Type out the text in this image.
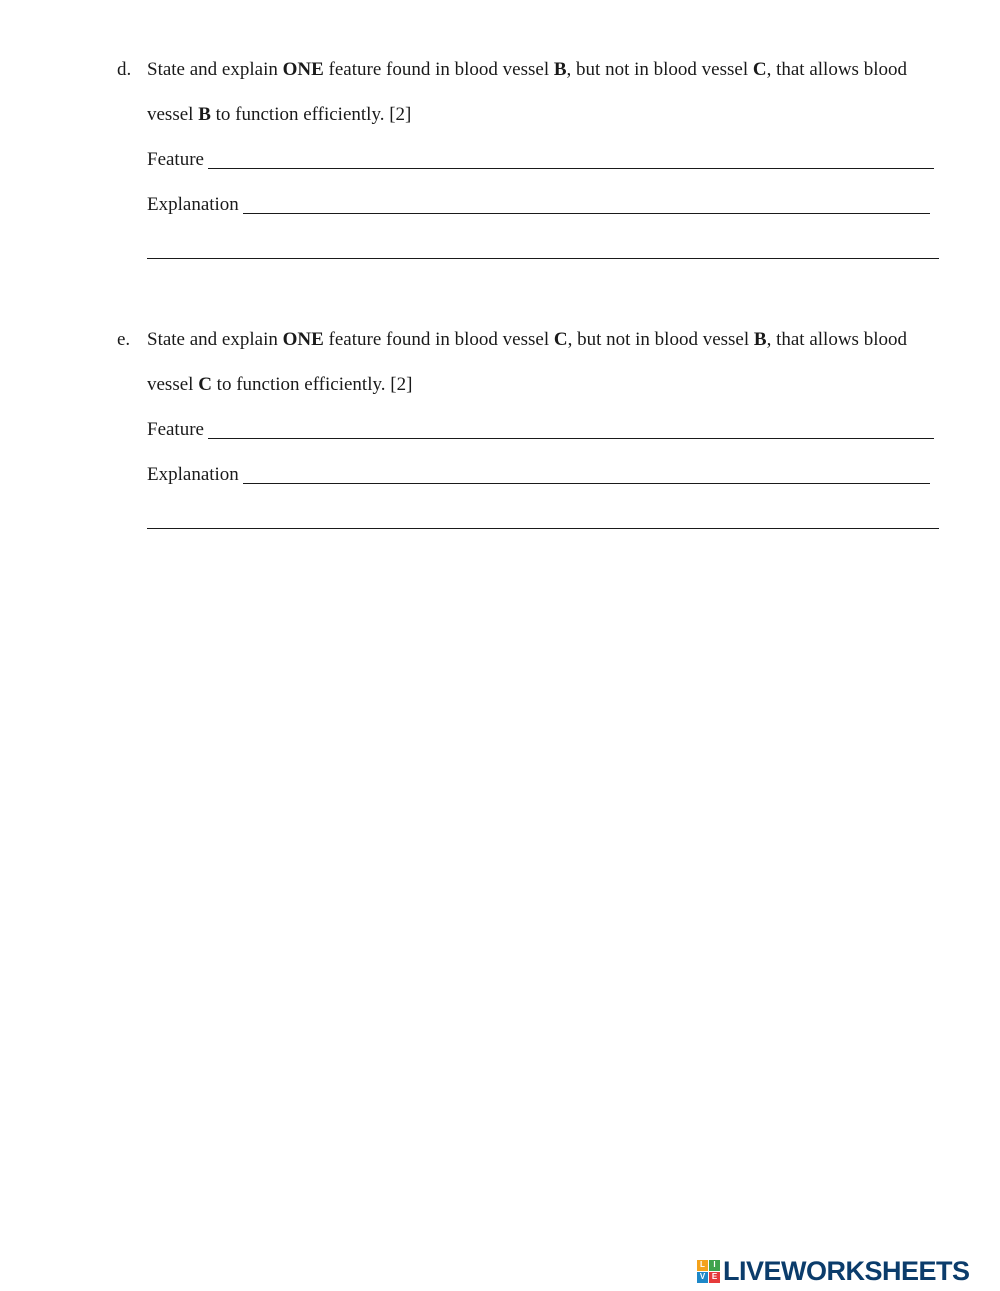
d. State and explain ONE feature found in blood vessel B, but not in blood vessel C, that allows blood
vessel B to function efficiently. [2]
Feature
Explanation
e. State and explain ONE feature found in blood vessel C, but not in blood vessel B, that allows blood
vessel C to function efficiently. [2]
Feature
Explanation
L	I
V E LIVEWORKSHEETS
